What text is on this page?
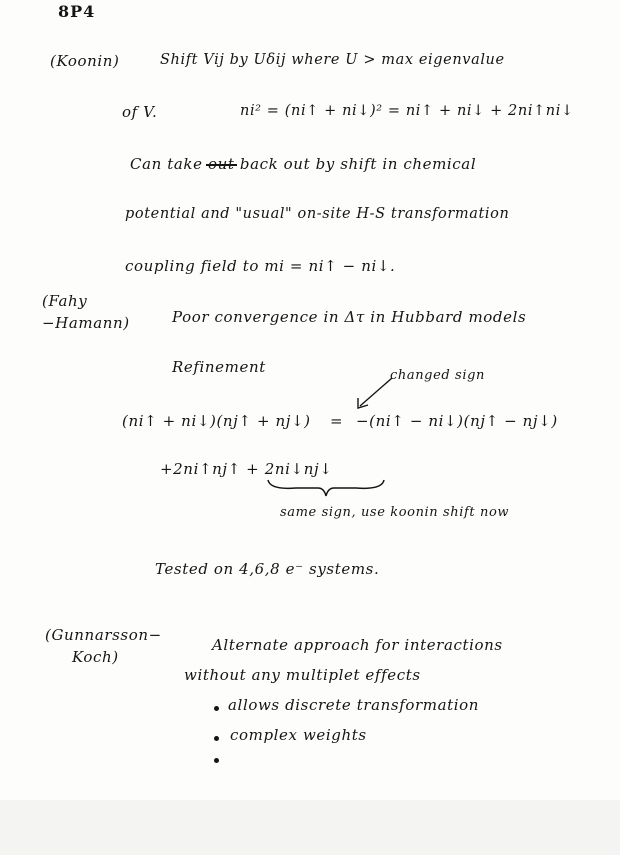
8P4
(Koonin)	Shift Vij by Uδij where U > max eigenvalue
of V.	ni² = (ni↑ + ni↓)² = ni↑ + ni↓ + 2ni↑ni↓
Can take out back out by shift in chemical
potential and "usual" on-site H-S transformation
coupling field to mi = ni↑ − ni↓.
(Fahy
−Hamann)	Poor convergence in Δτ in Hubbard models
Refinement	changed sign
(ni↑ + ni↓)(nj↑ + nj↓) = −(ni↑ − ni↓)(nj↑ − nj↓)
+2ni↑nj↑ + 2ni↓nj↓
same sign, use koonin shift now
Tested on 4,6,8 e⁻ systems.
(Gunnarsson−
Koch)
Alternate approach for interactions
without any multiplet effects
allows discrete transformation
complex weights
